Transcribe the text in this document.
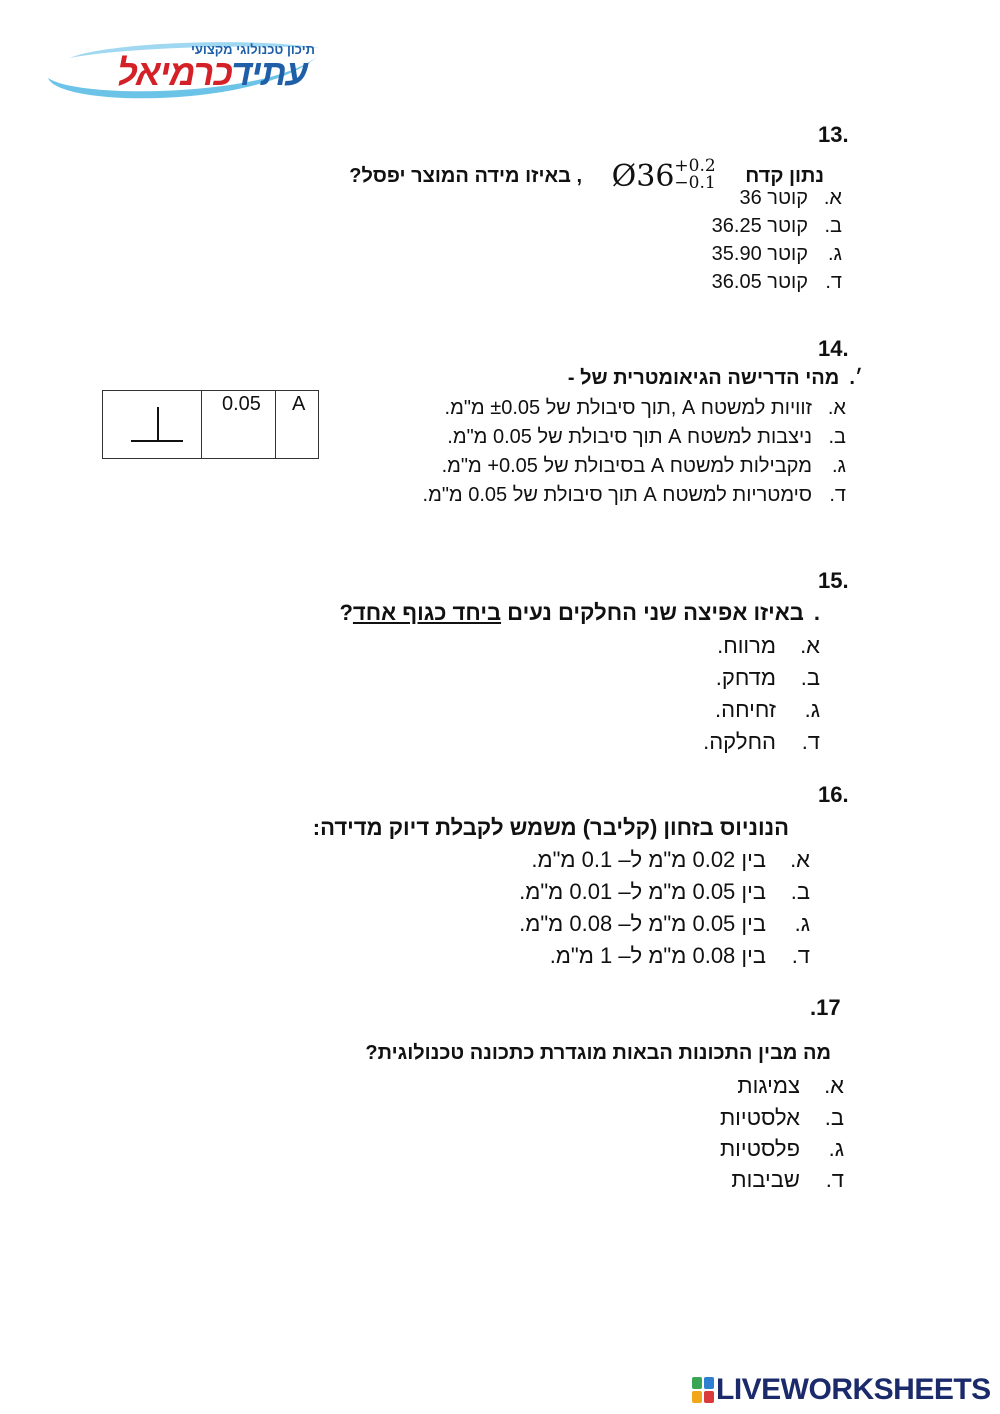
תיכון טכנולוגי מקצועי
עתידכרמיאל
13.
נתון קדח Ø36 +0.2
−0.1
, באיזו מידה המוצר יפסל?
א.קוטר 36
ב.קוטר 36.25
ג.קוטר 35.90
ד.קוטר 36.05
14.
׳.מהי הדרישה הגיאומטרית של -
0.05 A	א.זוויות למשטח A ,תוך סיבולת של ±0.05 מ"מ.
ב.ניצבות למשטח A תוך סיבולת של 0.05 מ"מ.
ג.מקבילות למשטח A בסיבולת של 0.05+ מ"מ.
ד.סימטריות למשטח A תוך סיבולת של 0.05 מ"מ.
15.
.באיזו אפיצה שני החלקים נעים ביחד כגוף אחד?
א.מרווח.
ב.מדחק.
ג.זחיחה.
ד.החלקה.
16.
הנוניוס בזחון (קליבר) משמש לקבלת דיוק מדידה:
א.בין 0.02 מ"מ ל– 0.1 מ"מ.
ב.בין 0.05 מ"מ ל– 0.01 מ"מ.
ג.בין 0.05 מ"מ ל– 0.08 מ"מ.
ד.בין 0.08 מ"מ ל– 1 מ"מ.
.17
מה מבין התכונות הבאות מוגדרת כתכונה טכנולוגית?
א.צמיגות
ב.אלסטיות
ג.פלסטיות
ד.שביבות
LIVEWORKSHEETS
